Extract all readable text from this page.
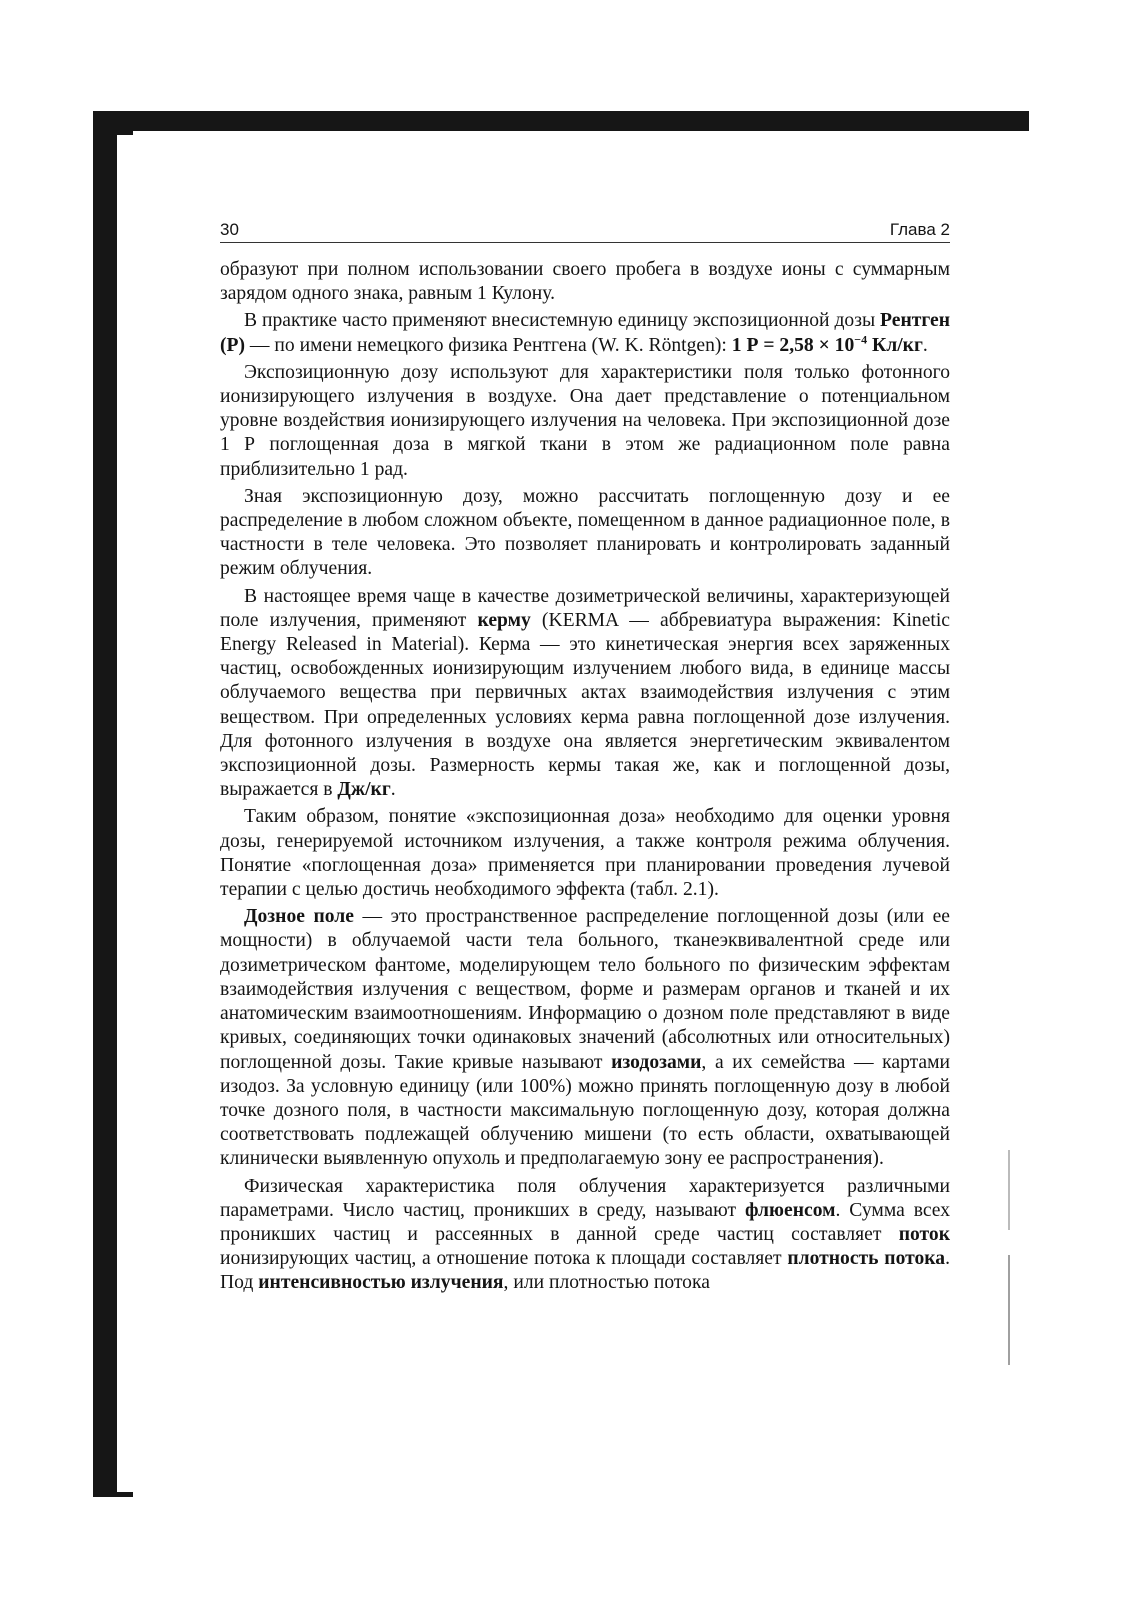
30	Глава 2

образуют при полном использовании своего пробега в воздухе ионы с суммарным зарядом одного знака, равным 1 Кулону.

В практике часто применяют внесистемную единицу экспозиционной дозы Рентген (Р) — по имени немецкого физика Рентгена (W. K. Röntgen): 1 $Р = 2,58 \times 10^{-4}$ Кл/кг.

Экспозиционную дозу используют для характеристики поля только фотонного ионизирующего излучения в воздухе. Она дает представление о потенциальном уровне воздействия ионизирующего излучения на человека. При экспозиционной дозе 1 Р поглощенная доза в мягкой ткани в этом же радиационном поле равна приблизительно 1 рад.

Зная экспозиционную дозу, можно рассчитать поглощенную дозу и ее распределение в любом сложном объекте, помещенном в данное радиационное поле, в частности в теле человека. Это позволяет планировать и контролировать заданный режим облучения.

В настоящее время чаще в качестве дозиметрической величины, характеризующей поле излучения, применяют керму (KERMA — аббревиатура выражения: Kinetic Energy Released in Material). Керма — это кинетическая энергия всех заряженных частиц, освобожденных ионизирующим излучением любого вида, в единице массы облучаемого вещества при первичных актах взаимодействия излучения с этим веществом. При определенных условиях керма равна поглощенной дозе излучения. Для фотонного излучения в воздухе она является энергетическим эквивалентом экспозиционной дозы. Размерность кермы такая же, как и поглощенной дозы, выражается в Дж/кг.

Таким образом, понятие «экспозиционная доза» необходимо для оценки уровня дозы, генерируемой источником излучения, а также контроля режима облучения. Понятие «поглощенная доза» применяется при планировании проведения лучевой терапии с целью достичь необходимого эффекта (табл. 2.1).

Дозное поле — это пространственное распределение поглощенной дозы (или ее мощности) в облучаемой части тела больного, тканеэквивалентной среде или дозиметрическом фантоме, моделирующем тело больного по физическим эффектам взаимодействия излучения с веществом, форме и размерам органов и тканей и их анатомическим взаимоотношениям. Информацию о дозном поле представляют в виде кривых, соединяющих точки одинаковых значений (абсолютных или относительных) поглощенной дозы. Такие кривые называют изодозами, а их семейства — картами изодоз. За условную единицу (или 100%) можно принять поглощенную дозу в любой точке дозного поля, в частности максимальную поглощенную дозу, которая должна соответствовать подлежащей облучению мишени (то есть области, охватывающей клинически выявленную опухоль и предполагаемую зону ее распространения).

Физическая характеристика поля облучения характеризуется различными параметрами. Число частиц, проникших в среду, называют флюенсом. Сумма всех проникших частиц и рассеянных в данной среде частиц составляет поток ионизирующих частиц, а отношение потока к площади составляет плотность потока. Под интенсивностью излучения, или плотностью потока
